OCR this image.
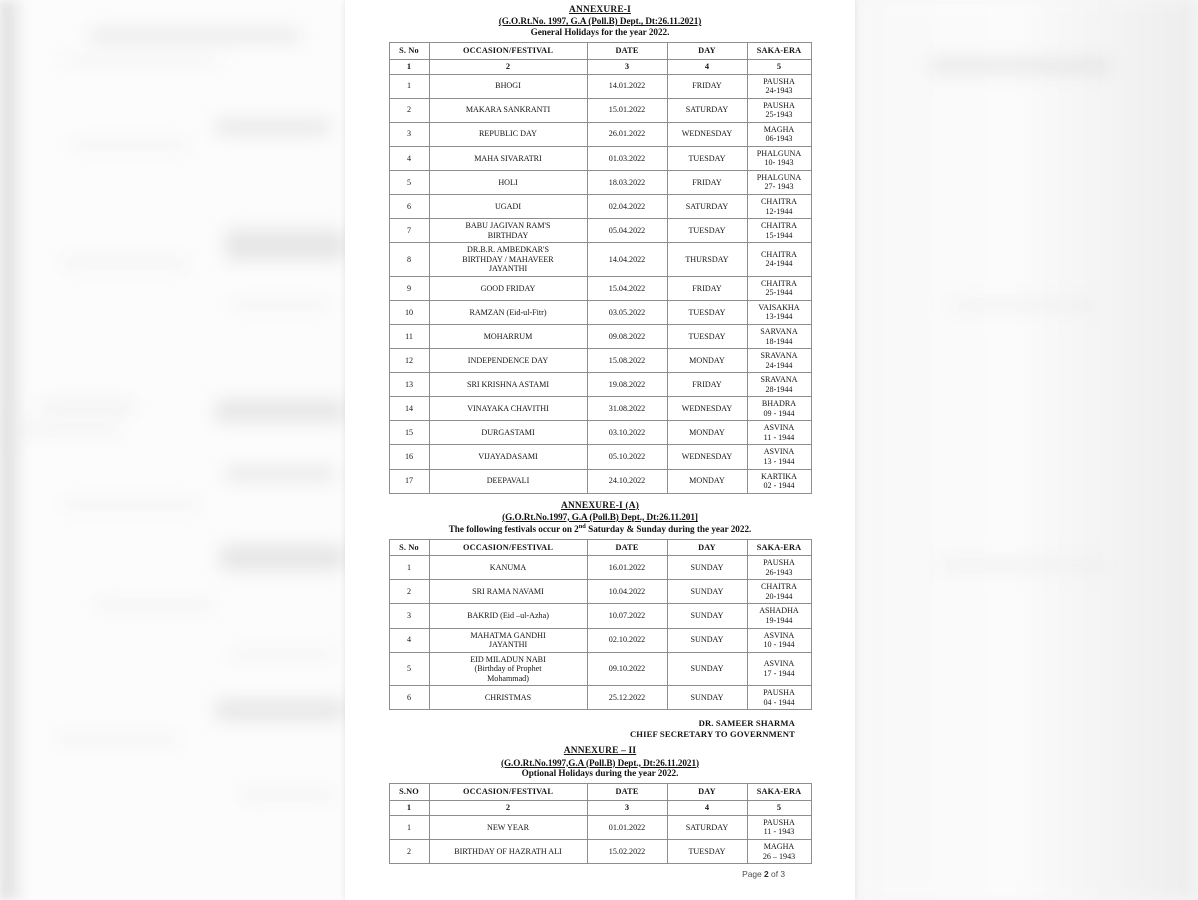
ANNEXURE-I
(G.O.Rt.No. 1997, G.A (Poll.B) Dept., Dt:26.11.2021)
General Holidays for the year 2022.
S. No	OCCASION/FESTIVAL	DATE	DAY	SAKA-ERA
1	2	3	4	5
1	BHOGI	14.01.2022	FRIDAY	PAUSHA
24-1943
2	MAKARA SANKRANTI	15.01.2022	SATURDAY	PAUSHA
25-1943
3	REPUBLIC DAY	26.01.2022	WEDNESDAY	MAGHA
06-1943
4	MAHA SIVARATRI	01.03.2022	TUESDAY	PHALGUNA
10- 1943
5	HOLI	18.03.2022	FRIDAY	PHALGUNA
27- 1943
6	UGADI	02.04.2022	SATURDAY	CHAITRA
12-1944
7	BABU JAGIVAN RAM'S
BIRTHDAY	05.04.2022	TUESDAY	CHAITRA
15-1944
8	DR.B.R. AMBEDKAR'S
BIRTHDAY / MAHAVEER
JAYANTHI	14.04.2022	THURSDAY	CHAITRA
24-1944
9	GOOD FRIDAY	15.04.2022	FRIDAY	CHAITRA
25-1944
10	RAMZAN (Eid-ul-Fitr)	03.05.2022	TUESDAY	VAISAKHA
13-1944
11	MOHARRUM	09.08.2022	TUESDAY	SARVANA
18-1944
12	INDEPENDENCE DAY	15.08.2022	MONDAY	SRAVANA
24-1944
13	SRI KRISHNA ASTAMI	19.08.2022	FRIDAY	SRAVANA
28-1944
14	VINAYAKA CHAVITHI	31.08.2022	WEDNESDAY	BHADRA
09 - 1944
15	DURGASTAMI	03.10.2022	MONDAY	ASVINA
11 - 1944
16	VIJAYADASAMI	05.10.2022	WEDNESDAY	ASVINA
13 - 1944
17	DEEPAVALI	24.10.2022	MONDAY	KARTIKA
02 - 1944
ANNEXURE-I (A)
(G.O.Rt.No.1997, G.A (Poll.B) Dept., Dt:26.11.201]
The following festivals occur on 2nd Saturday & Sunday during the year 2022.
S. No	OCCASION/FESTIVAL	DATE	DAY	SAKA-ERA
1	KANUMA	16.01.2022	SUNDAY	PAUSHA
26-1943
2	SRI RAMA NAVAMI	10.04.2022	SUNDAY	CHAITRA
20-1944
3	BAKRID (Eid –ul-Azha)	10.07.2022	SUNDAY	ASHADHA
19-1944
4	MAHATMA GANDHI
JAYANTHI	02.10.2022	SUNDAY	ASVINA
10 - 1944
5	EID MILADUN NABI
(Birthday of Prophet
Mohammad)	09.10.2022	SUNDAY	ASVINA
17 - 1944
6	CHRISTMAS	25.12.2022	SUNDAY	PAUSHA
04 - 1944
DR. SAMEER SHARMA
CHIEF SECRETARY TO GOVERNMENT
ANNEXURE – II
(G.O.Rt.No.1997,G.A (Poll.B) Dept., Dt:26.11.2021)
Optional Holidays during the year 2022.
S.NO	OCCASION/FESTIVAL	DATE	DAY	SAKA-ERA
1	2	3	4	5
1	NEW YEAR	01.01.2022	SATURDAY	PAUSHA
11 - 1943
2	BIRTHDAY OF HAZRATH ALI	15.02.2022	TUESDAY	MAGHA
26 – 1943
Page 2 of 3
